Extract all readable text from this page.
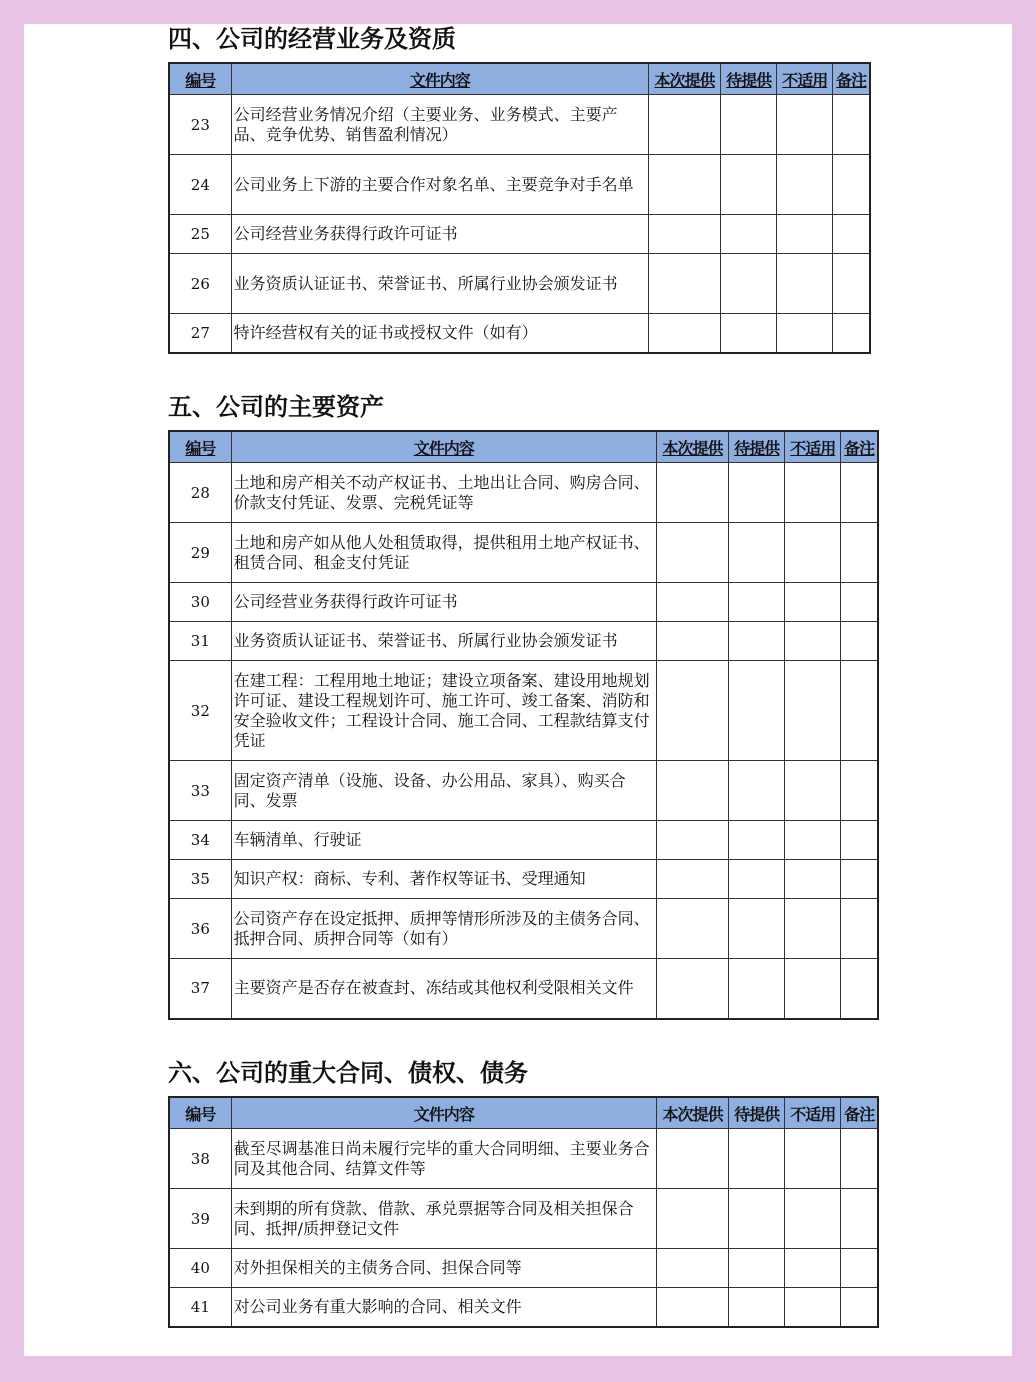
四、公司的经营业务及资质
编号	文件内容	本次提供	待提供	不适用	备注
23	公司经营业务情况介绍（主要业务、业务模式、主要产品、竞争优势、销售盈利情况）				
24	公司业务上下游的主要合作对象名单、主要竞争对手名单				
25	公司经营业务获得行政许可证书				
26	业务资质认证证书、荣誉证书、所属行业协会颁发证书				
27	特许经营权有关的证书或授权文件（如有）				
五、公司的主要资产
编号	文件内容	本次提供	待提供	不适用	备注
28	土地和房产相关不动产权证书、土地出让合同、购房合同、价款支付凭证、发票、完税凭证等				
29	土地和房产如从他人处租赁取得，提供租用土地产权证书、租赁合同、租金支付凭证				
30	公司经营业务获得行政许可证书				
31	业务资质认证证书、荣誉证书、所属行业协会颁发证书				
32	在建工程：工程用地土地证；建设立项备案、建设用地规划许可证、建设工程规划许可、施工许可、竣工备案、消防和安全验收文件；工程设计合同、施工合同、工程款结算支付凭证				
33	固定资产清单（设施、设备、办公用品、家具）、购买合同、发票				
34	车辆清单、行驶证				
35	知识产权：商标、专利、著作权等证书、受理通知				
36	公司资产存在设定抵押、质押等情形所涉及的主债务合同、抵押合同、质押合同等（如有）				
37	主要资产是否存在被查封、冻结或其他权利受限相关文件				
六、公司的重大合同、债权、债务
编号	文件内容	本次提供	待提供	不适用	备注
38	截至尽调基准日尚未履行完毕的重大合同明细、主要业务合同及其他合同、结算文件等				
39	未到期的所有贷款、借款、承兑票据等合同及相关担保合同、抵押/质押登记文件				
40	对外担保相关的主债务合同、担保合同等				
41	对公司业务有重大影响的合同、相关文件				
